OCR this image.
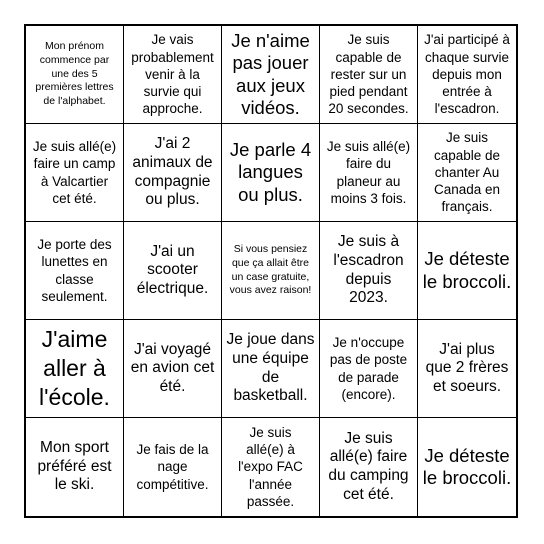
Mon prénom commence par une des 5 premières lettres de l'alphabet.
Je vais probablement venir à la survie qui approche.
Je n'aime pas jouer aux jeux vidéos.
Je suis capable de rester sur un pied pendant 20 secondes.
J'ai participé à chaque survie depuis mon entrée à l'escadron.
Je suis allé(e) faire un camp à Valcartier cet été.
J'ai 2 animaux de compagnie ou plus.
Je parle 4 langues ou plus.
Je suis allé(e) faire du planeur au moins 3 fois.
Je suis capable de chanter Au Canada en français.
Je porte des lunettes en classe seulement.
J'ai un scooter électrique.
Si vous pensiez que ça allait être un case gratuite, vous avez raison!
Je suis à l'escadron depuis 2023.
Je déteste le broccoli.
J'aime aller à l'école.
J'ai voyagé en avion cet été.
Je joue dans une équipe de basketball.
Je n'occupe pas de poste de parade (encore).
J'ai plus que 2 frères et soeurs.
Mon sport préféré est le ski.
Je fais de la nage compétitive.
Je suis allé(e) à l'expo FAC l'année passée.
Je suis allé(e) faire du camping cet été.
Je déteste le broccoli.
